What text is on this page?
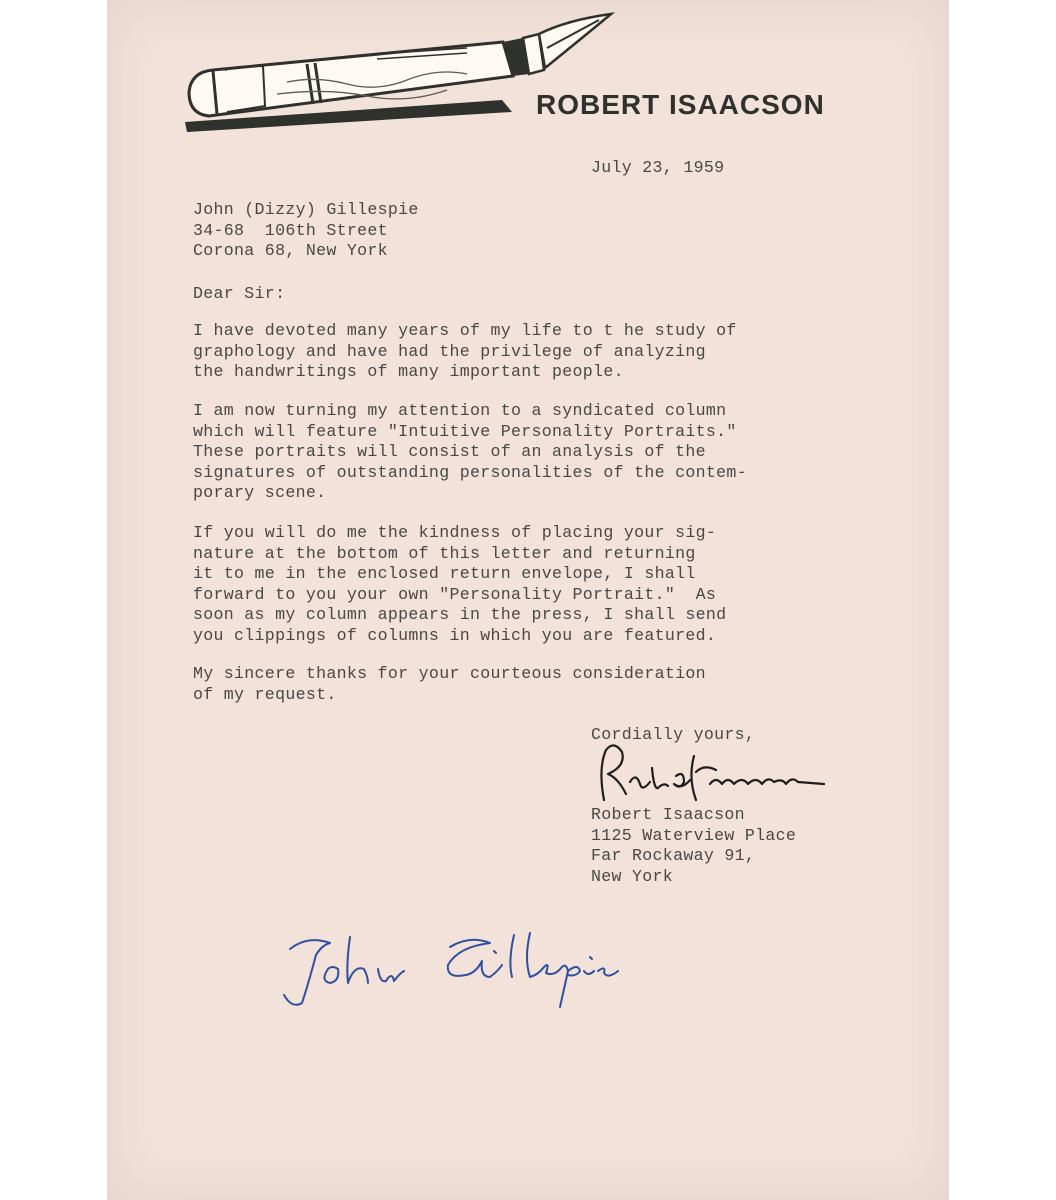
ROBERT ISAACSON

July 23, 1959

John (Dizzy) Gillespie
34-68  106th Street
Corona 68, New York

Dear Sir:

I have devoted many years of my life to t he study of
graphology and have had the privilege of analyzing
the handwritings of many important people.

I am now turning my attention to a syndicated column
which will feature "Intuitive Personality Portraits."
These portraits will consist of an analysis of the
signatures of outstanding personalities of the contem-
porary scene.

If you will do me the kindness of placing your sig-
nature at the bottom of this letter and returning
it to me in the enclosed return envelope, I shall
forward to you your own "Personality Portrait."  As
soon as my column appears in the press, I shall send
you clippings of columns in which you are featured.

My sincere thanks for your courteous consideration
of my request.

Cordially yours,

Robert Isaacson
1125 Waterview Place
Far Rockaway 91,
New York
